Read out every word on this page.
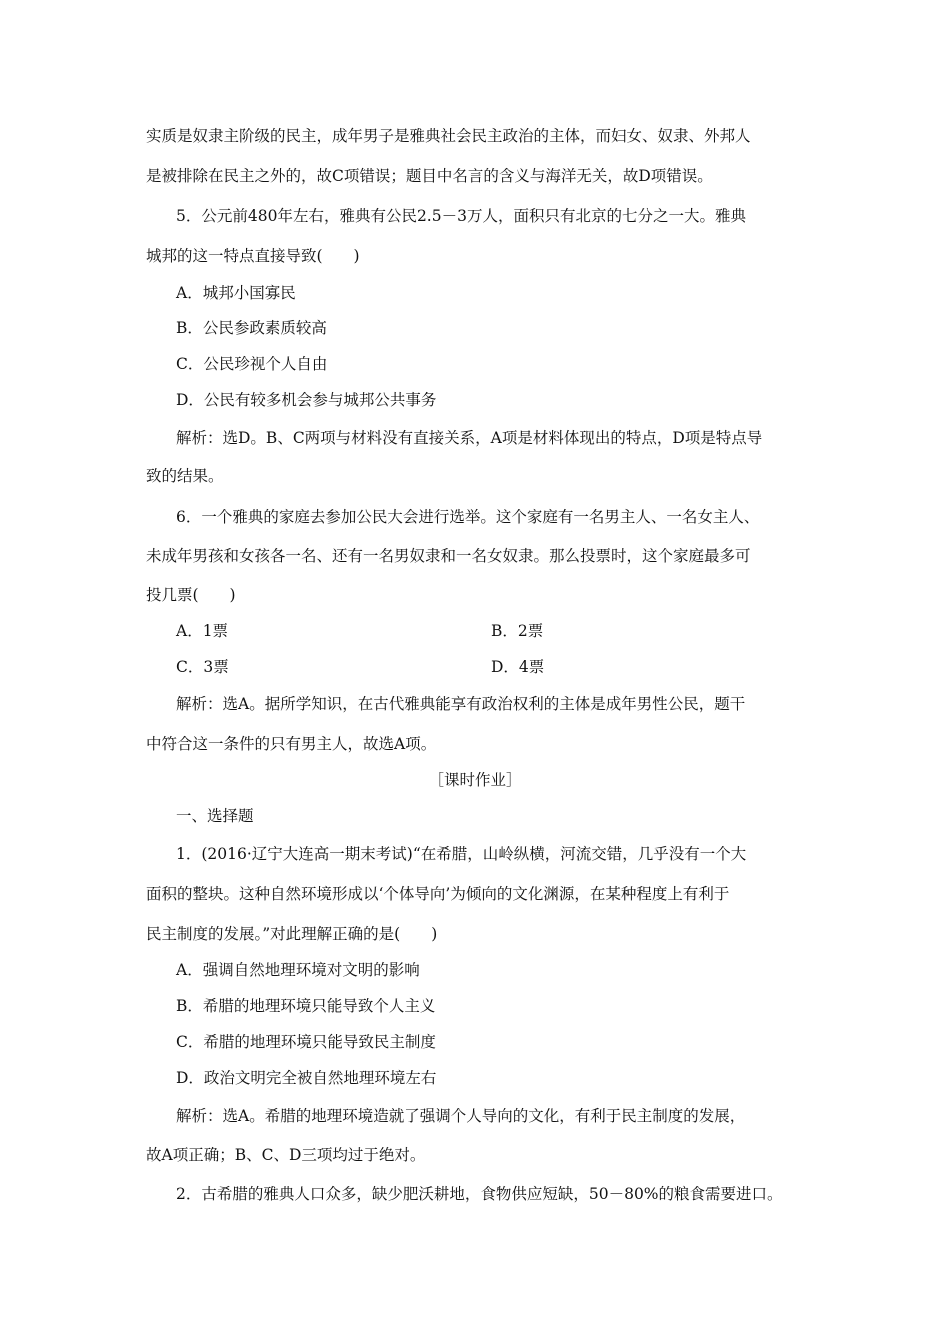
实质是奴隶主阶级的民主，成年男子是雅典社会民主政治的主体，而妇女、奴隶、外邦人
是被排除在民主之外的，故C项错误；题目中名言的含义与海洋无关，故D项错误。
5．公元前480年左右，雅典有公民2.5－3万人，面积只有北京的七分之一大。雅典
城邦的这一特点直接导致(　　)
A．城邦小国寡民
B．公民参政素质较高
C．公民珍视个人自由
D．公民有较多机会参与城邦公共事务
解析：选D。B、C两项与材料没有直接关系，A项是材料体现出的特点，D项是特点导
致的结果。
6．一个雅典的家庭去参加公民大会进行选举。这个家庭有一名男主人、一名女主人、
未成年男孩和女孩各一名、还有一名男奴隶和一名女奴隶。那么投票时，这个家庭最多可
投几票(　　)
A．1票	B．2票
C．3票	D．4票
解析：选A。据所学知识，在古代雅典能享有政治权利的主体是成年男性公民，题干
中符合这一条件的只有男主人，故选A项。
［课时作业］
一、选择题
1．(2016·辽宁大连高一期末考试)“在希腊，山岭纵横，河流交错，几乎没有一个大
面积的整块。这种自然环境形成以‘个体导向’为倾向的文化渊源，在某种程度上有利于
民主制度的发展。”对此理解正确的是(　　)
A．强调自然地理环境对文明的影响
B．希腊的地理环境只能导致个人主义
C．希腊的地理环境只能导致民主制度
D．政治文明完全被自然地理环境左右
解析：选A。希腊的地理环境造就了强调个人导向的文化，有利于民主制度的发展，
故A项正确；B、C、D三项均过于绝对。
2．古希腊的雅典人口众多，缺少肥沃耕地，食物供应短缺，50－80%的粮食需要进口。
